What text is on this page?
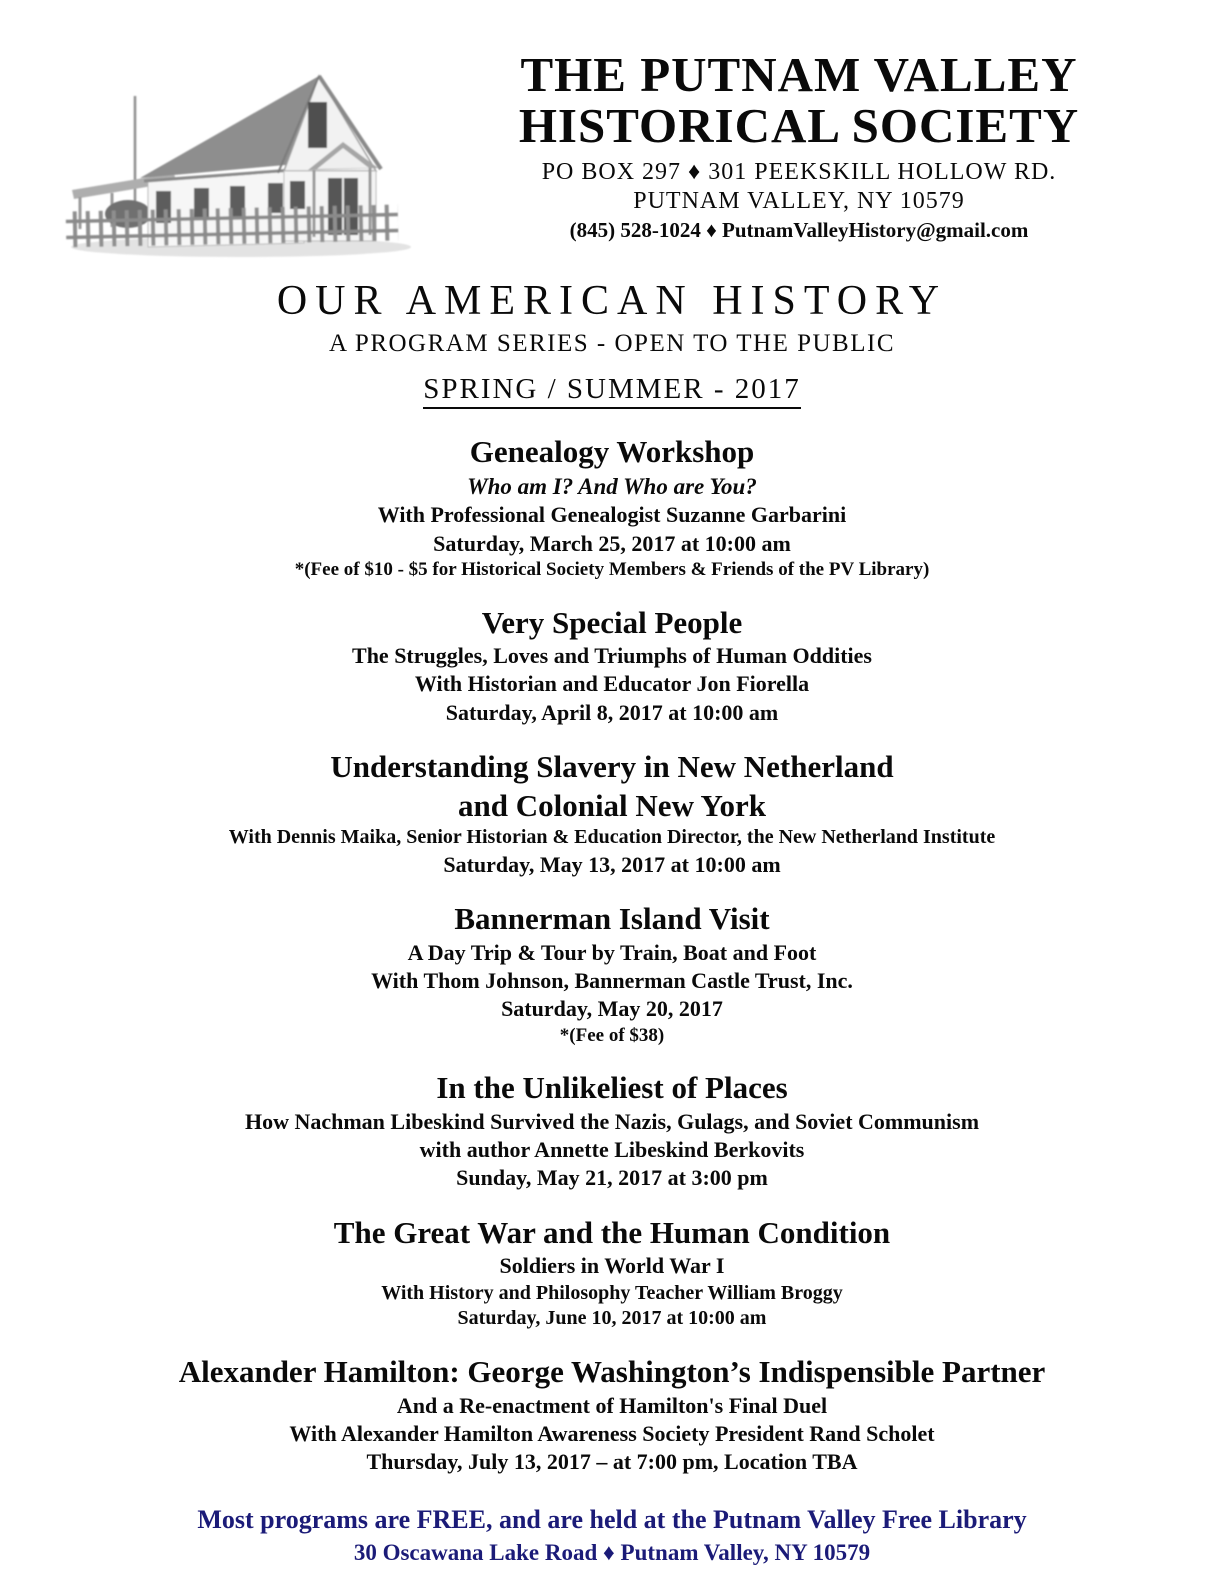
THE PUTNAM VALLEY
HISTORICAL SOCIETY
PO BOX 297 ♦ 301 PEEKSKILL HOLLOW RD.
PUTNAM VALLEY, NY 10579
(845) 528-1024 ♦ PutnamValleyHistory@gmail.com
OUR AMERICAN HISTORY
A PROGRAM SERIES - OPEN TO THE PUBLIC
SPRING / SUMMER - 2017
Genealogy Workshop

Who am I? And Who are You?

With Professional Genealogist Suzanne Garbarini

Saturday, March 25, 2017 at 10:00 am

*(Fee of $10 - $5 for Historical Society Members & Friends of the PV Library)

Very Special People

The Struggles, Loves and Triumphs of Human Oddities

With Historian and Educator Jon Fiorella

Saturday, April 8, 2017 at 10:00 am

Understanding Slavery in New Netherland
and Colonial New York

With Dennis Maika, Senior Historian & Education Director, the New Netherland Institute

Saturday, May 13, 2017 at 10:00 am

Bannerman Island Visit

A Day Trip & Tour by Train, Boat and Foot

With Thom Johnson, Bannerman Castle Trust, Inc.

Saturday, May 20, 2017

*(Fee of $38)

In the Unlikeliest of Places

How Nachman Libeskind Survived the Nazis, Gulags, and Soviet Communism

with author Annette Libeskind Berkovits

Sunday, May 21, 2017 at 3:00 pm

The Great War and the Human Condition

Soldiers in World War I

With History and Philosophy Teacher William Broggy

Saturday, June 10, 2017 at 10:00 am

Alexander Hamilton: George Washington’s Indispensible Partner

And a Re-enactment of Hamilton's Final Duel

With Alexander Hamilton Awareness Society President Rand Scholet

Thursday, July 13, 2017 – at 7:00 pm, Location TBA

Most programs are FREE, and are held at the Putnam Valley Free Library
30 Oscawana Lake Road ♦ Putnam Valley, NY 10579
